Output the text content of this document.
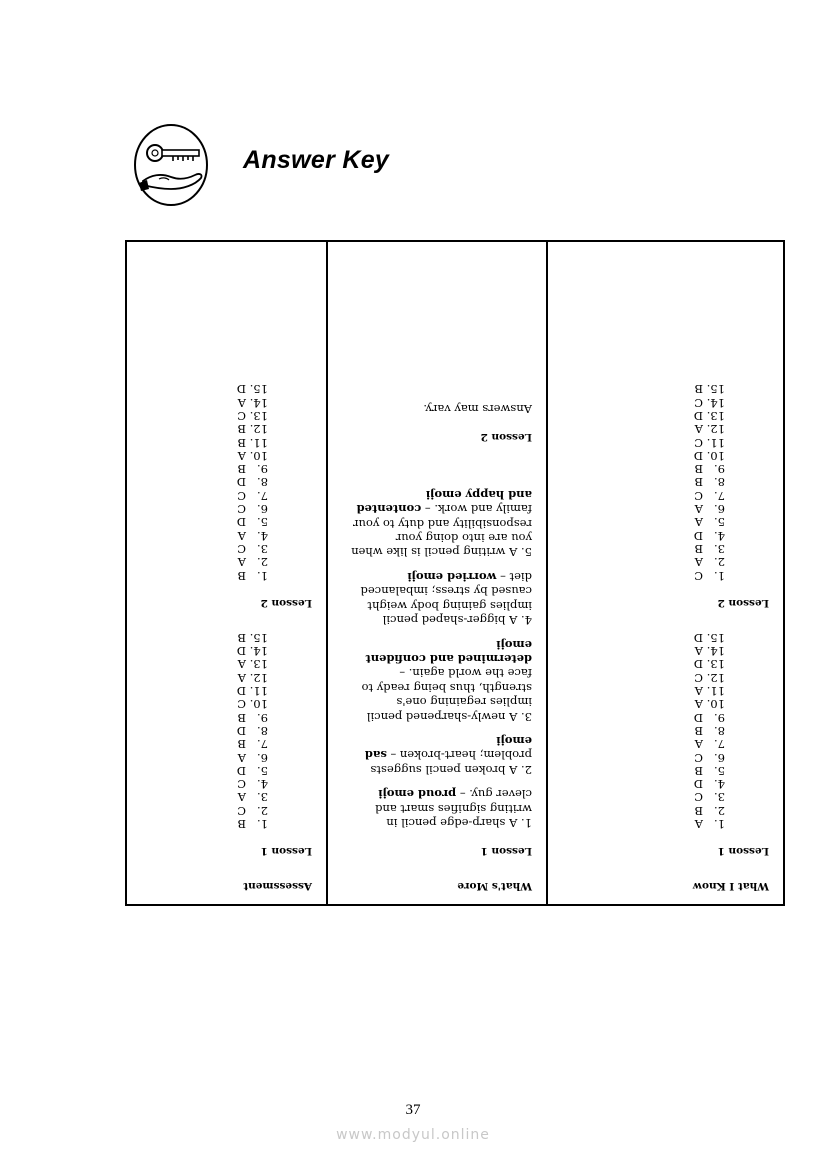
Answer Key

Assessment

Lesson 1

1.   B
2.   C
3.   A
4.   C
5.   D
6.   A
7.   B
8.   D
9.   B
10. C
11. D
12. A
13. A
14. D
15. B

Lesson 2

1.   B
2.   A
3.   C
4.   A
5.   D
6.   C
7.   C
8.   D
9.   B
10. A
11. B
12. B
13. C
14. A
15. D

What's More

Lesson 1

1. A sharp-edge pencil in writing signifies smart and clever guy. – proud emoji

2. A broken pencil suggests problem; heart-broken – sad emoji

3. A newly-sharpened pencil implies regaining one's strength, thus being ready to face the world again. – determined and confident emoji

4. A bigger-shaped pencil implies gaining body weight caused by stress; imbalanced diet – worried emoji

5. A writing pencil is like when you are into doing your responsibility and duty to your family and work. – contented and happy emoji

Lesson 2

Answers may vary.

What I Know

Lesson 1

1.   A
2.   B
3.   C
4.   D
5.   B
6.   C
7.   A
8.   B
9.   D
10. A
11. A
12. C
13. D
14. A
15. D

Lesson 2

1.   C
2.   A
3.   B
4.   D
5.   A
6.   A
7.   C
8.   B
9.   B
10. D
11. C
12. A
13. D
14. C
15. B
37
www.modyul.online
